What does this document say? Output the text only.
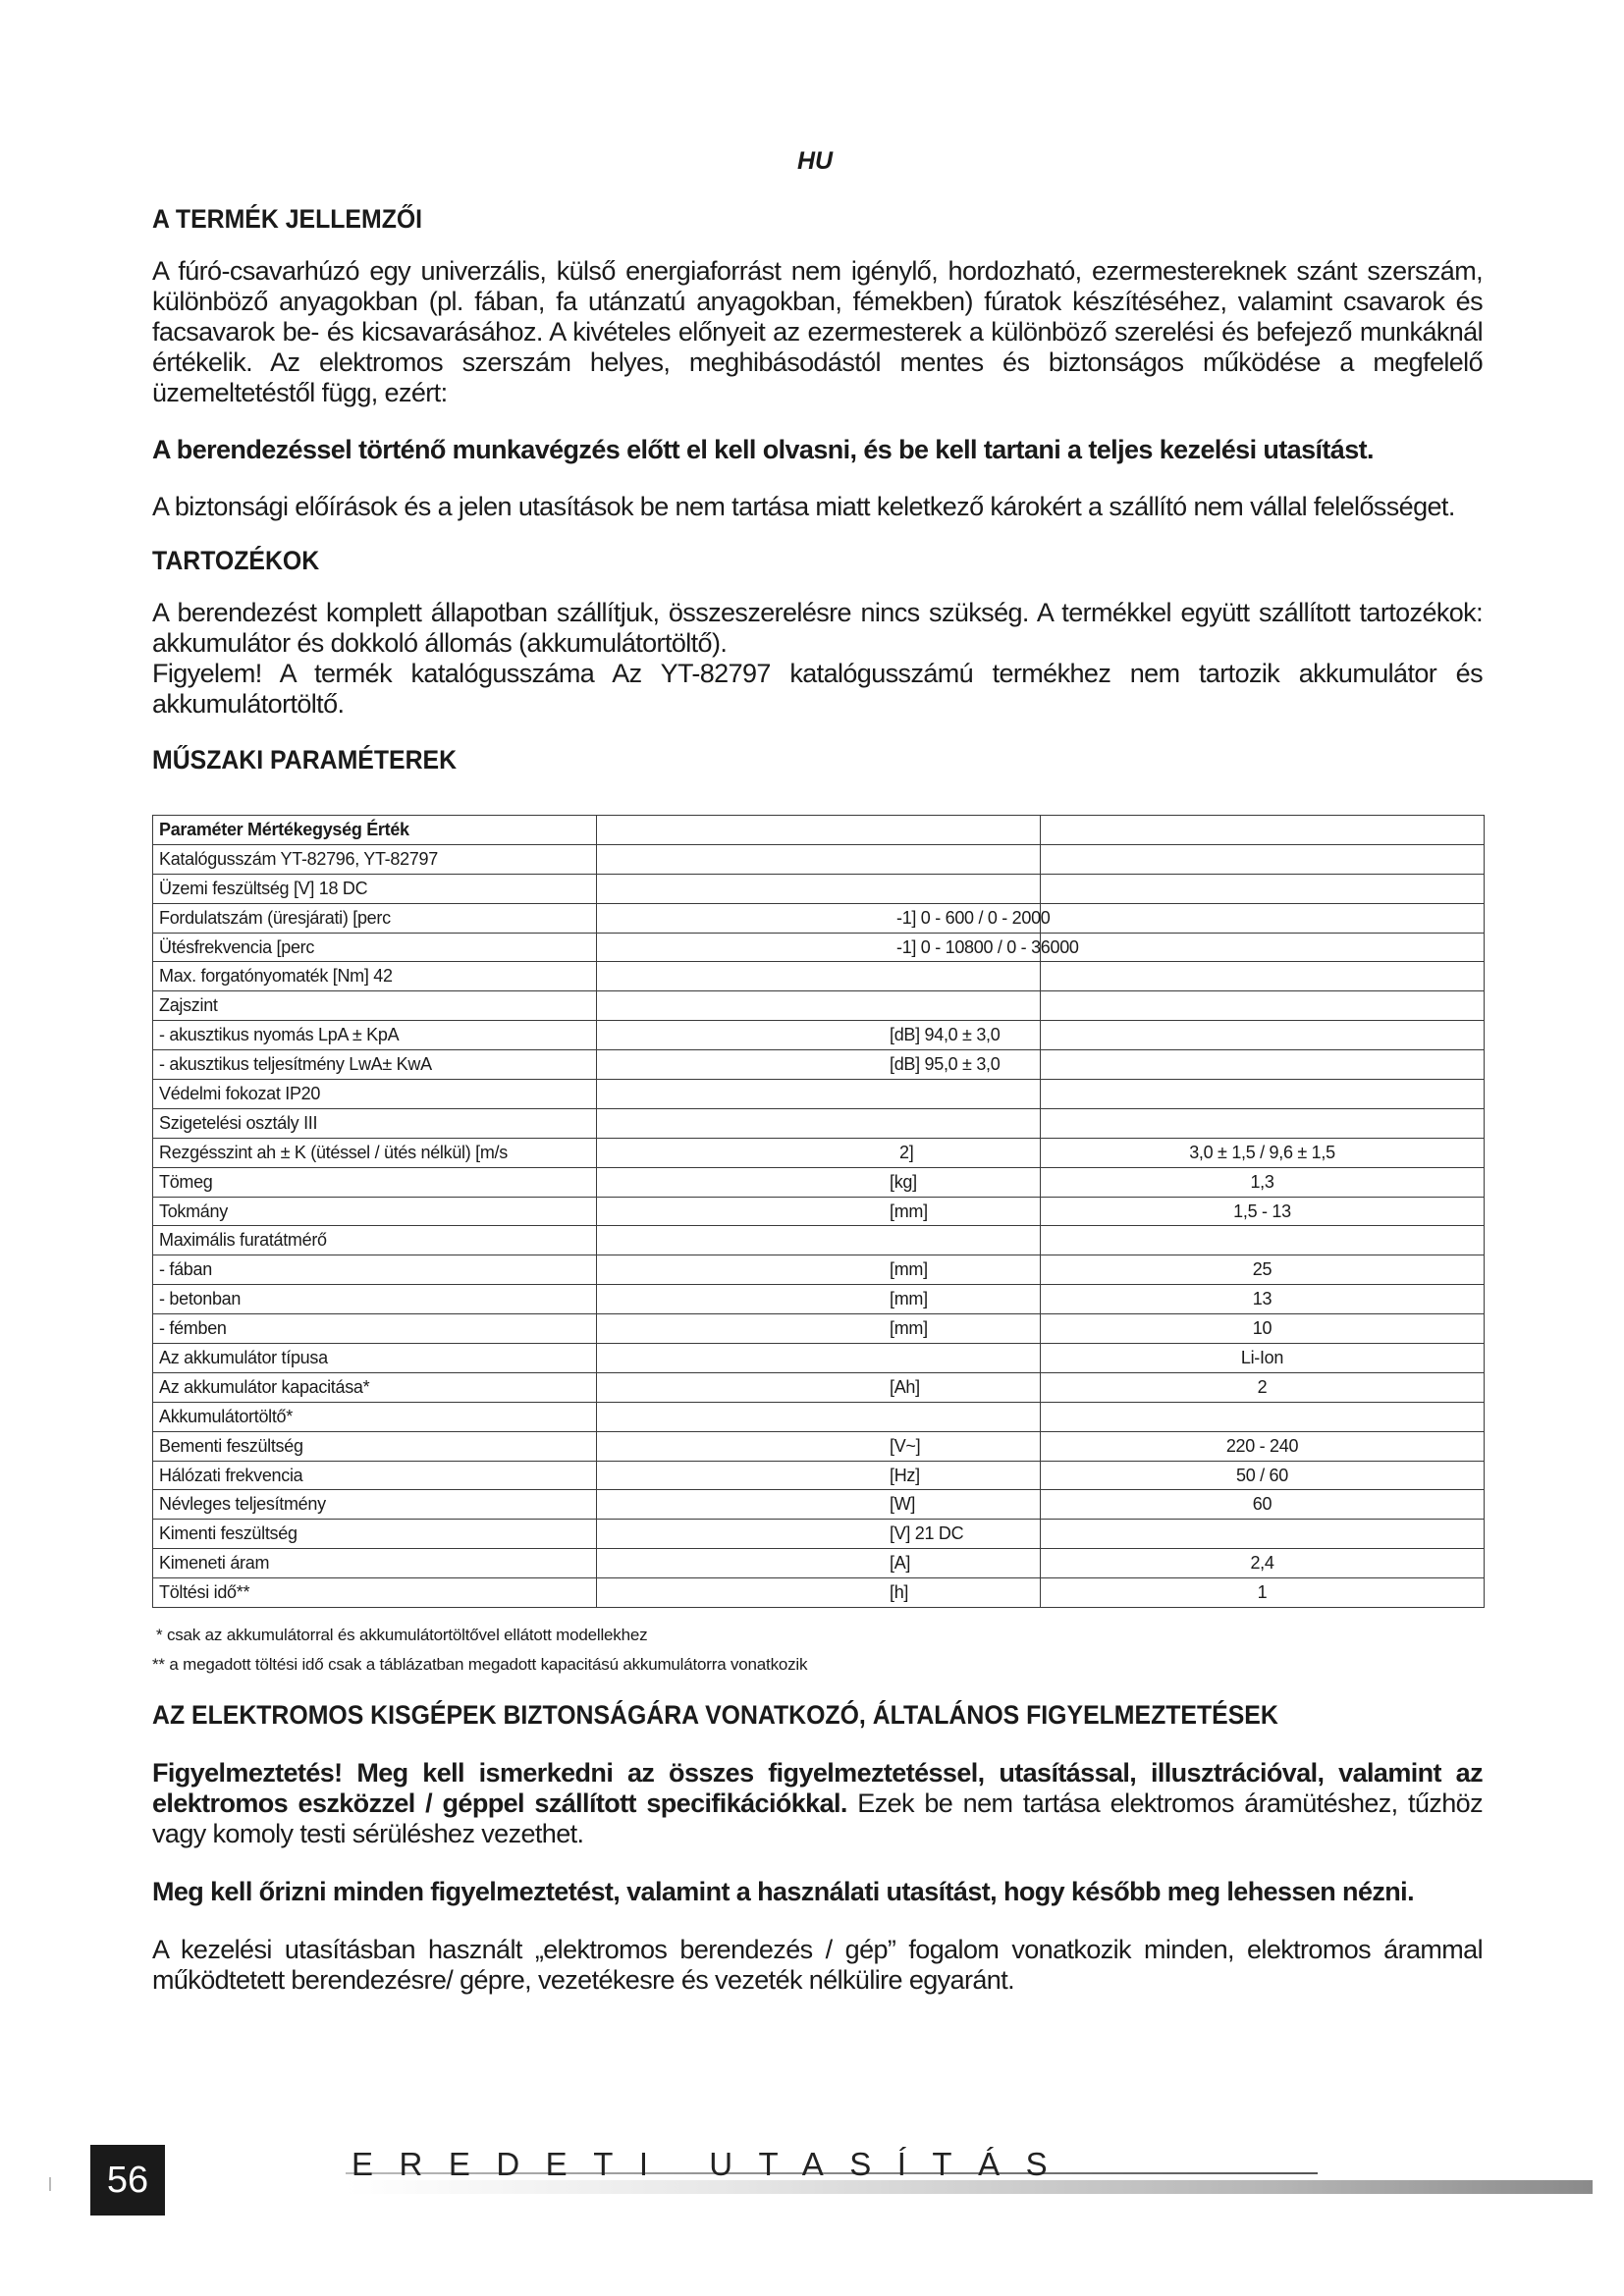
HU
A TERMÉK JELLEMZŐI
A fúró-csavarhúzó egy univerzális, külső energiaforrást nem igénylő, hordozható, ezermestereknek szánt szerszám, különböző anyagokban (pl. fában, fa utánzatú anyagokban, fémekben) fúratok készítéséhez, valamint csavarok és facsavarok be- és kicsavarásához. A kivételes előnyeit az ezermesterek a különböző szerelési és befejező munkáknál értékelik. Az elektromos szerszám helyes, meghibásodástól mentes és biztonságos működése a megfelelő üzemeltetéstől függ, ezért:
A berendezéssel történő munkavégzés előtt el kell olvasni, és be kell tartani a teljes kezelési utasítást.
A biztonsági előírások és a jelen utasítások be nem tartása miatt keletkező károkért a szállító nem vállal felelősséget.
TARTOZÉKOK
A berendezést komplett állapotban szállítjuk, összeszerelésre nincs szükség. A termékkel együtt szállított tartozékok: akkumulátor és dokkoló állomás (akkumulátortöltő).
Figyelem! A termék katalógusszáma Az YT-82797 katalógusszámú termékhez nem tartozik akkumulátor és akkumulátortöltő.
MŰSZAKI PARAMÉTEREK
Paraméter Mértékegység Érték		

Katalógusszám YT-82796, YT-82797		

Üzemi feszültség [V] 18 DC		

Fordulatszám (üresjárati) [perc	-1] 0 - 600 / 0 - 2000	

Ütésfrekvencia [perc	-1] 0 - 10800 / 0 - 36000	

Max. forgatónyomaték [Nm] 42		

Zajszint		

- akusztikus nyomás LpA ± KpA	[dB] 94,0 ± 3,0	

- akusztikus teljesítmény LwA± KwA	[dB] 95,0 ± 3,0	

Védelmi fokozat IP20		

Szigetelési osztály III		

Rezgésszint ah ± K (ütéssel / ütés nélkül) [m/s	2]	3,0 ± 1,5 / 9,6 ± 1,5

Tömeg	[kg]	1,3

Tokmány	[mm]	1,5 - 13

Maximális furatátmérő		

- fában	[mm]	25

- betonban	[mm]	13

- fémben	[mm]	10

Az akkumulátor típusa		Li-Ion

Az akkumulátor kapacitása*	[Ah]	2

Akkumulátortöltő*		

Bementi feszültség	[V~]	220 - 240

Hálózati frekvencia	[Hz]	50 / 60

Névleges teljesítmény	[W]	60

Kimenti feszültség	[V] 21 DC	

Kimeneti áram	[A]	2,4

Töltési idő**	[h]	1
* csak az akkumulátorral és akkumulátortöltővel ellátott modellekhez
** a megadott töltési idő csak a táblázatban megadott kapacitású akkumulátorra vonatkozik
AZ ELEKTROMOS KISGÉPEK BIZTONSÁGÁRA VONATKOZÓ, ÁLTALÁNOS FIGYELMEZTETÉSEK
Figyelmeztetés! Meg kell ismerkedni az összes figyelmeztetéssel, utasítással, illusztrációval, valamint az elektromos eszközzel / géppel szállított specifikációkkal. Ezek be nem tartása elektromos áramütéshez, tűzhöz vagy komoly testi sérüléshez vezethet.
Meg kell őrizni minden figyelmeztetést, valamint a használati utasítást, hogy később meg lehessen nézni.
A kezelési utasításban használt „elektromos berendezés / gép” fogalom vonatkozik minden, elektromos árammal működtetett berendezésre/ gépre, vezetékesre és vezeték nélkülire egyaránt.
56	EREDETI UTASÍTÁS
